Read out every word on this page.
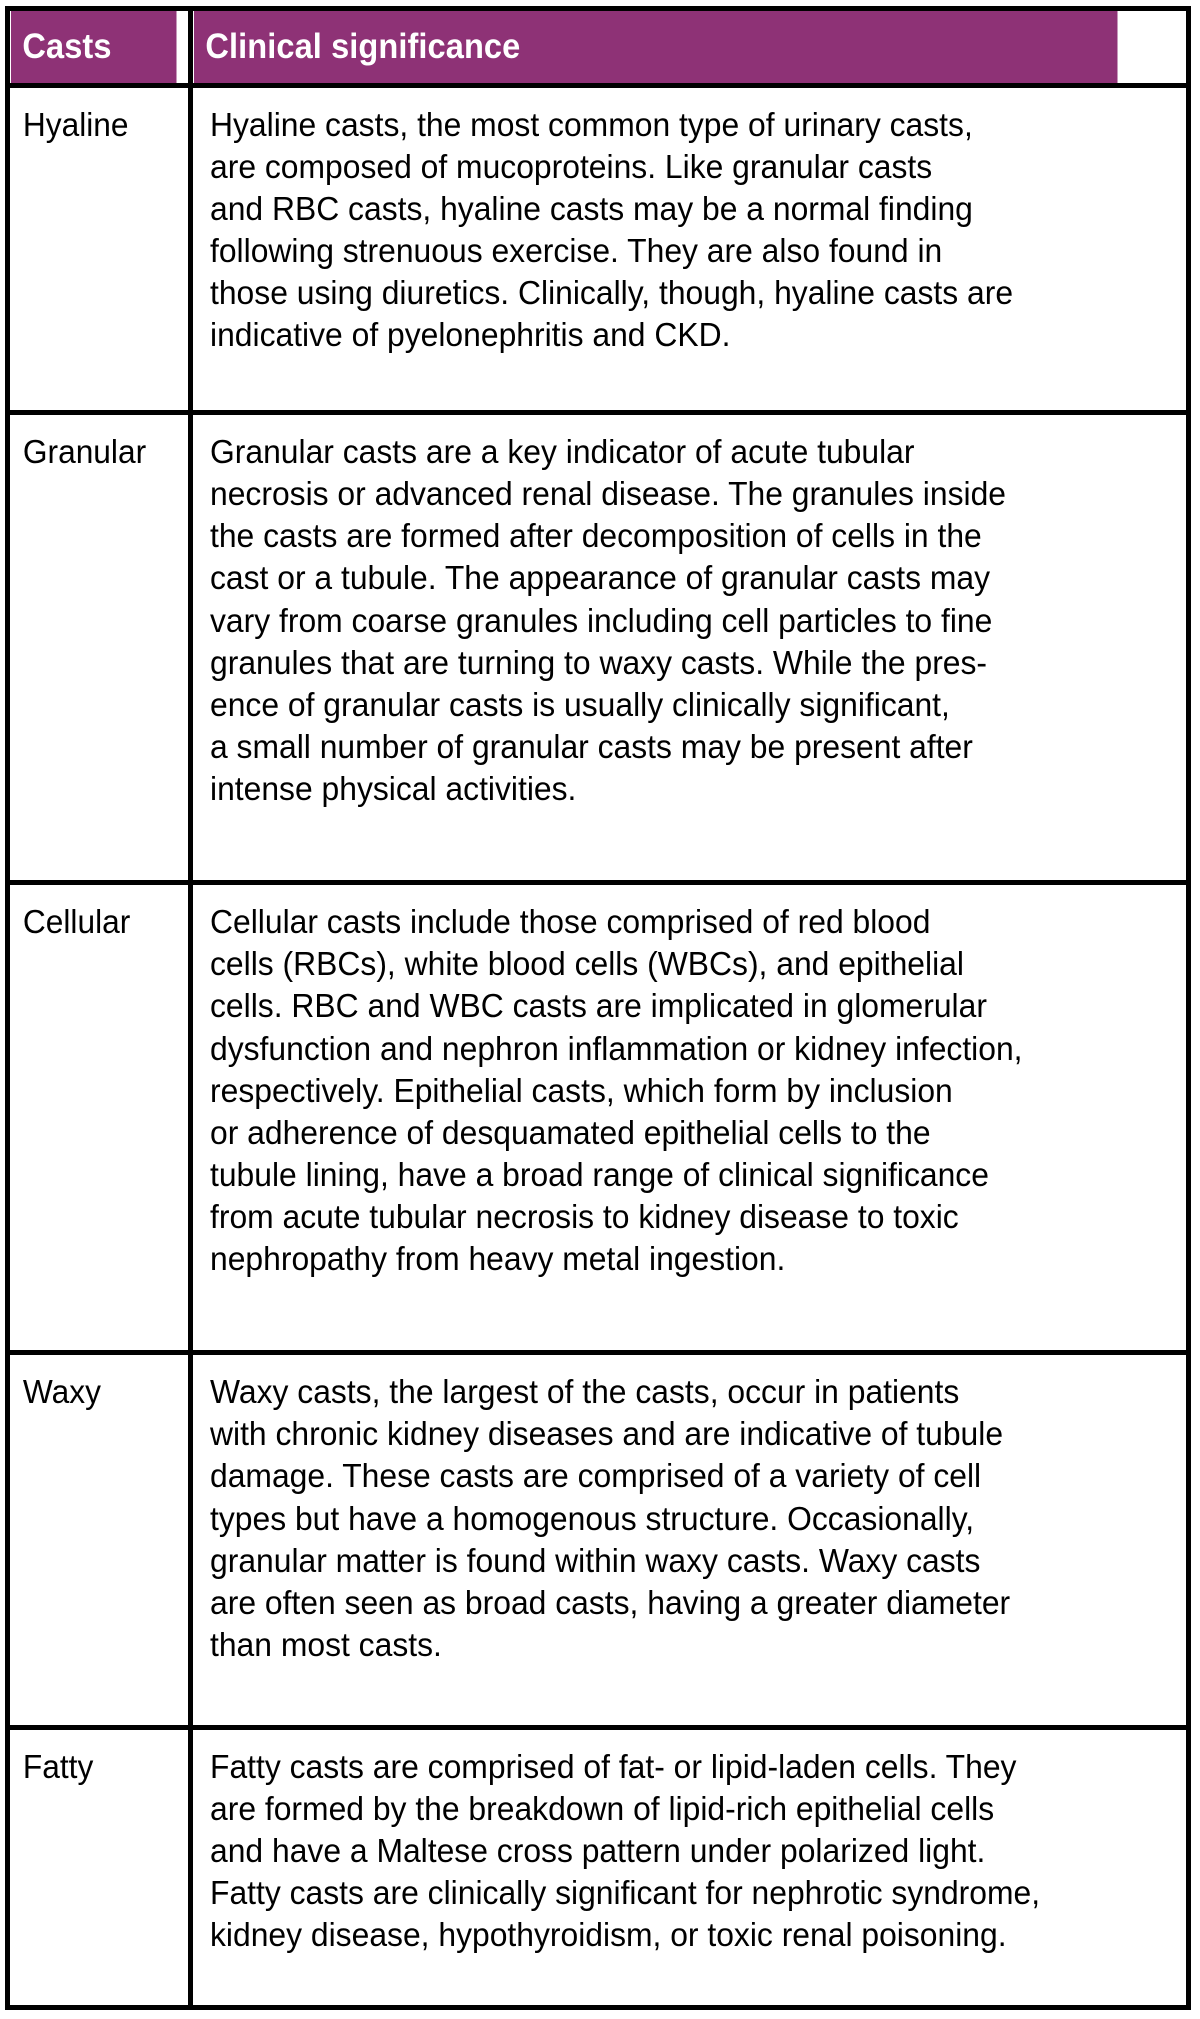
Casts	Clinical significance
Hyaline	Hyaline casts, the most common type of urinary casts,
are composed of mucoproteins. Like granular casts
and RBC casts, hyaline casts may be a normal finding
following strenuous exercise. They are also found in
those using diuretics. Clinically, though, hyaline casts are
indicative of pyelonephritis and CKD.

Granular	Granular casts are a key indicator of acute tubular
necrosis or advanced renal disease. The granules inside
the casts are formed after decomposition of cells in the
cast or a tubule. The appearance of granular casts may
vary from coarse granules including cell particles to fine
granules that are turning to waxy casts. While the pres-
ence of granular casts is usually clinically significant,
a small number of granular casts may be present after
intense physical activities.

Cellular	Cellular casts include those comprised of red blood
cells (RBCs), white blood cells (WBCs), and epithelial
cells. RBC and WBC casts are implicated in glomerular
dysfunction and nephron inflammation or kidney infection,
respectively. Epithelial casts, which form by inclusion
or adherence of desquamated epithelial cells to the
tubule lining, have a broad range of clinical significance
from acute tubular necrosis to kidney disease to toxic
nephropathy from heavy metal ingestion.

Waxy	Waxy casts, the largest of the casts, occur in patients
with chronic kidney diseases and are indicative of tubule
damage. These casts are comprised of a variety of cell
types but have a homogenous structure. Occasionally,
granular matter is found within waxy casts. Waxy casts
are often seen as broad casts, having a greater diameter
than most casts.

Fatty	Fatty casts are comprised of fat- or lipid-laden cells. They
are formed by the breakdown of lipid-rich epithelial cells
and have a Maltese cross pattern under polarized light.
Fatty casts are clinically significant for nephrotic syndrome,
kidney disease, hypothyroidism, or toxic renal poisoning.
